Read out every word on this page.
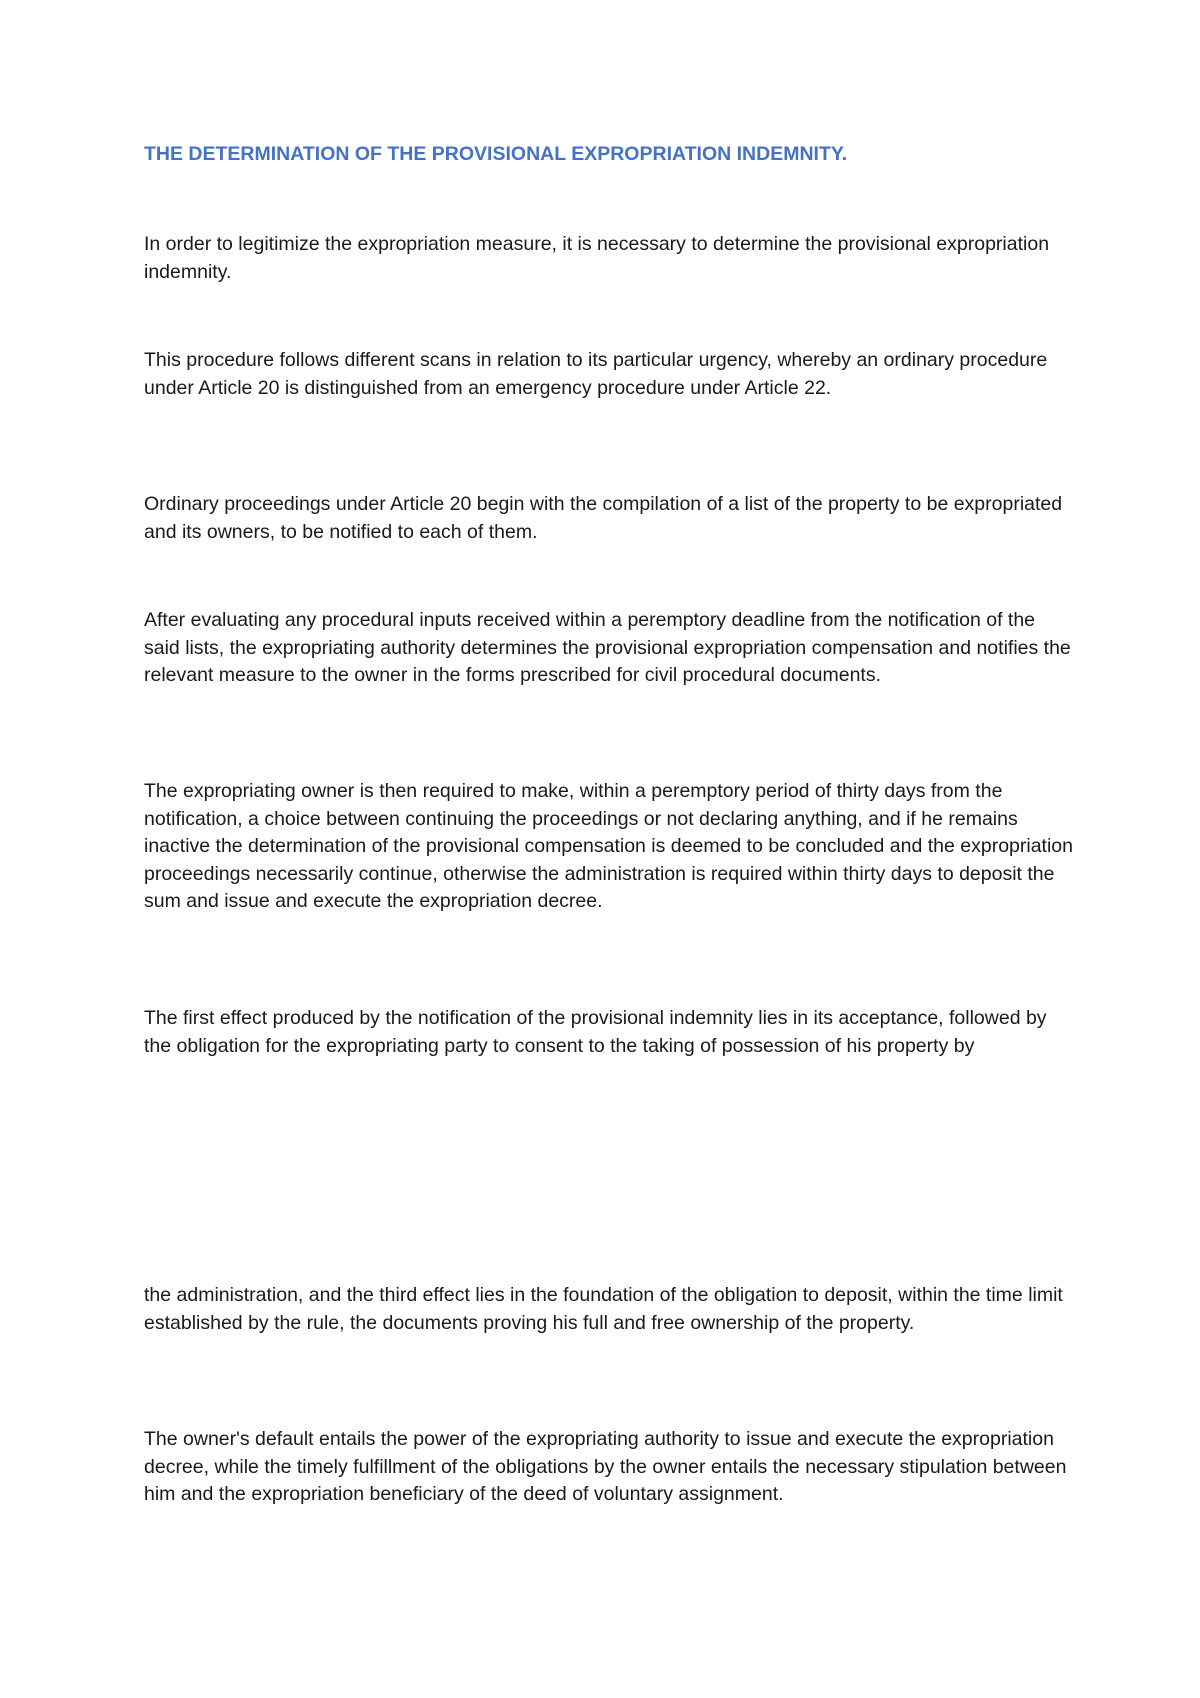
THE DETERMINATION OF THE PROVISIONAL EXPROPRIATION INDEMNITY.

In order to legitimize the expropriation measure, it is necessary to determine the provisional expropriation indemnity.

This procedure follows different scans in relation to its particular urgency, whereby an ordinary procedure under Article 20 is distinguished from an emergency procedure under Article 22.

Ordinary proceedings under Article 20 begin with the compilation of a list of the property to be expropriated and its owners, to be notified to each of them.

After evaluating any procedural inputs received within a peremptory deadline from the notification of the said lists, the expropriating authority determines the provisional expropriation compensation and notifies the relevant measure to the owner in the forms prescribed for civil procedural documents.

The expropriating owner is then required to make, within a peremptory period of thirty days from the notification, a choice between continuing the proceedings or not declaring anything, and if he remains inactive the determination of the provisional compensation is deemed to be concluded and the expropriation proceedings necessarily continue, otherwise the administration is required within thirty days to deposit the sum and issue and execute the expropriation decree.

The first effect produced by the notification of the provisional indemnity lies in its acceptance, followed by the obligation for the expropriating party to consent to the taking of possession of his property by

the administration, and the third effect lies in the foundation of the obligation to deposit, within the time limit established by the rule, the documents proving his full and free ownership of the property.

The owner's default entails the power of the expropriating authority to issue and execute the expropriation decree, while the timely fulfillment of the obligations by the owner entails the necessary stipulation between him and the expropriation beneficiary of the deed of voluntary assignment.
